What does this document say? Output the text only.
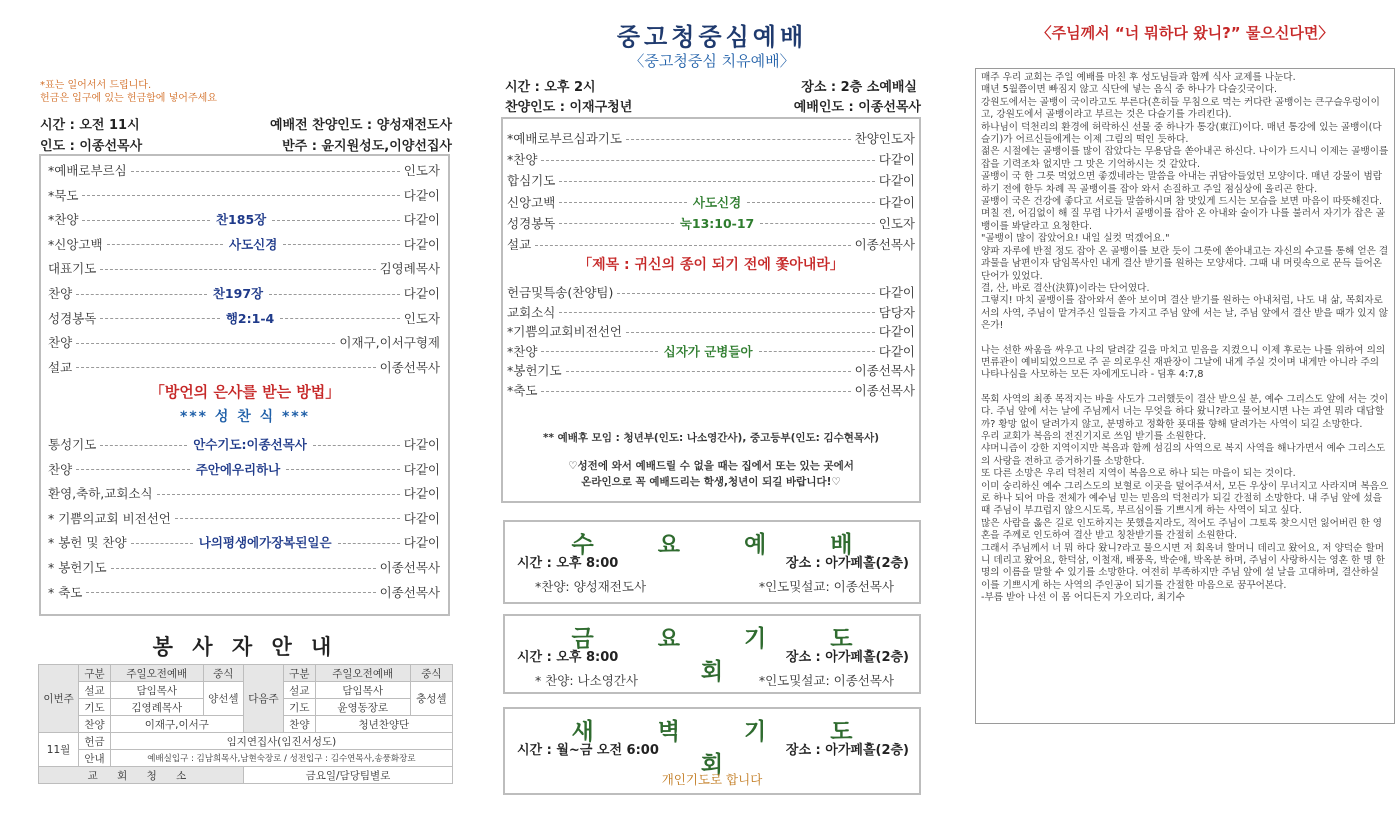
*표는 일어서서 드립니다.
헌금은 입구에 있는 헌금함에 넣어주세요
시간 : 오전 11시	예배전 찬양인도 : 양성재전도사
인도 : 이종선목사	반주 : 윤지원성도,이양선집사
*예배로부르심	인도자
*묵도	다같이
*찬양	찬185장	다같이
*신앙고백	사도신경	다같이
대표기도	김영례목사
찬양	찬197장	다같이
성경봉독	행2:1-4	인도자
찬양	이재구,이서구형제
설교	이종선목사
「방언의 은사를 받는 방법」
*** 성 찬 식 ***
통성기도	안수기도:이종선목사	다같이
찬양	주안에우리하나	다같이
환영,축하,교회소식	다같이
* 기쁨의교회 비전선언	다같이
* 봉헌 및 찬양	나의평생에가장복된일은	다같이
* 봉헌기도	이종선목사
* 축도	이종선목사
봉 사 자 안 내
이번주	구분	주일오전예배	중식	다음주	구분	주일오전예배	중식
	설교	담임목사	양선셀		설교	담임목사	충성셀
	기도	김영례목사			기도	윤영동장로	
	찬양	이재구,이서구			찬양	청년찬양단	
11월	헌금	임지연집사(임진서성도)					
	안내	예배실입구 : 김남희목사,남현숙장로 / 성전입구 : 김수연목사,송풍화장로					
교 회 청 소				금요일/담당팀별로			
중고청중심예배
〈중고청중심 치유예배〉
시간 : 오후 2시	장소 : 2층 소예배실
찬양인도 : 이재구청년	예배인도 : 이종선목사
*예배로부르심과기도	찬양인도자
*찬양	다같이
합심기도	다같이
신앙고백	사도신경	다같이
성경봉독	눅13:10-17	인도자
설교	이종선목사
「제목 : 귀신의 종이 되기 전에 쫓아내라」
헌금및특송(찬양팀)	다같이
교회소식	담당자
*기쁨의교회비전선언	다같이
*찬양	십자가 군병들아	다같이
*봉헌기도	이종선목사
*축도	이종선목사
** 예배후 모임 : 청년부(인도: 나소영간사), 중고등부(인도: 김수현목사)
♡성전에 와서 예배드릴 수 없을 때는 집에서 또는 있는 곳에서
온라인으로 꼭 예배드리는 학생,청년이 되길 바랍니다!♡
수 요 예 배
시간 : 오후 8:00	장소 : 아가페홀(2층)
*찬양: 양성재전도사	*인도및설교: 이종선목사
금 요 기 도 회
시간 : 오후 8:00	장소 : 아가페홀(2층)
* 찬양: 나소영간사	*인도및설교: 이종선목사
새 벽 기 도 회
시간 : 월~금 오전 6:00	장소 : 아가페홀(2층)
개인기도로 합니다
〈주님께서 “너 뭐하다 왔니?” 물으신다면〉

매주 우리 교회는 주일 예배를 마친 후 성도님들과 함께 식사 교제를 나눈다.

매년 5월쯤이면 빠짐지 않고 식단에 넣는 음식 중 하나가 다슬깃국이다.

강원도에서는 골뱅이 국이라고도 부른다(흔히들 무침으로 먹는 커다란 골뱅이는 큰구슬우렁이이고, 강원도에서 골뱅이라고 부르는 것은 다슬기를 가리킨다).

하나님이 덕천리의 환경에 허락하신 선물 중 하나가 통강(東江)이다. 매년 통강에 있는 골뱅이(다슬기)가 어르신들에게는 이제 그림의 떡인 듯하다.

젊은 시절에는 골뱅이를 많이 잡았다는 무용담을 쏟아내곤 하신다. 나이가 드시니 이제는 골뱅이를 잡을 기력조차 없지만 그 맛은 기억하시는 것 같았다.

골뱅이 국 한 그릇 먹었으면 좋겠네라는 말씀을 아내는 귀담아들었던 모양이다. 매년 강물이 범람하기 전에 한두 차례 꼭 골뱅이를 잡아 와서 손질하고 주일 점심상에 올리곤 한다.

골뱅이 국은 건강에 좋다고 서로들 말씀하시며 참 맛있게 드시는 모습을 보면 마음이 따뜻해진다. 며칠 전, 어김없이 해 질 무렵 나가서 골뱅이를 잡아 온 아내와 술이가 나를 불러서 자기가 잡은 골뱅이를 봐달라고 요청한다.

"골뱅이 많이 잡았어요! 내일 실컷 먹겠어요."

양파 자루에 반절 정도 잡아 온 골뱅이를 보란 듯이 그릇에 쏟아내고는 자신의 수고를 통해 얻은 결과물을 남편이자 담임목사인 내게 결산 받기를 원하는 모양새다. 그때 내 머릿속으로 문득 들어온 단어가 있었다.

결, 산, 바로 결산(決算)이라는 단어였다.

그렇지! 마치 골뱅이를 잡아와서 쏟아 보이며 결산 받기를 원하는 아내처럼, 나도 내 삶, 목회자로서의 사역, 주님이 맡겨주신 일들을 가지고 주님 앞에 서는 날, 주님 앞에서 결산 받을 때가 있지 않은가!

나는 선한 싸움을 싸우고 나의 달려갈 길을 마치고 믿음을 지켰으니 이제 후로는 나를 위하여 의의 면류관이 예비되었으므로 주 곧 의로우신 재판장이 그날에 내게 주실 것이며 내게만 아니라 주의 나타나심을 사모하는 모든 자에게도니라 - 딤후 4:7,8

목회 사역의 최종 목적지는 바울 사도가 그러했듯이 결산 받으실 분, 예수 그리스도 앞에 서는 것이다. 주님 앞에 서는 날에 주님께서 너는 무엇을 하다 왔니?라고 물어보시면 나는 과연 뭐라 대답할까? 황망 없이 달려가지 않고, 분명하고 정확한 푯대를 향해 달려가는 사역이 되길 소망한다.

우리 교회가 복음의 전진기지로 쓰임 받기를 소원한다.

샤머니즘이 강한 지역이지만 복음과 함께 섬김의 사역으로 복지 사역을 해나가면서 예수 그리스도의 사랑을 전하고 증거하기를 소망한다.

또 다른 소망은 우리 덕천리 지역이 복음으로 하나 되는 마을이 되는 것이다.

이미 숭리하신 예수 그리스도의 보혈로 이곳을 덮어주셔서, 모든 우상이 무너지고 사라지며 복음으로 하나 되어 마을 전체가 예수님 믿는 믿음의 덕천리가 되길 간절히 소망한다. 내 주님 앞에 섰을 때 주님이 부끄럽지 않으시도록, 부르심이를 기쁘시게 하는 사역이 되고 싶다.

많은 사람을 옳은 길로 인도하지는 못했을지라도, 적어도 주님이 그토록 찾으시던 잃어버린 한 영혼을 주께로 인도하여 결산 받고 칭찬받기를 간절히 소원한다.

그래서 주님께서 너 뭐 하다 왔니?라고 물으시면 저 회옥녀 할머니 데리고 왔어요, 저 양덕순 할머니 데리고 왔어요, 한덕삼, 이철재, 배풍옥, 박순애, 박옥분 하며, 주님이 사랑하시는 영혼 한 명 한 명의 이름을 말할 수 있기를 소망한다. 여전히 부족하지만 주님 앞에 설 날을 고대하며, 결산하실 이를 기쁘시게 하는 사역의 주인공이 되기를 간절한 마음으로 꿈꾸어본다.

-부름 받아 나선 이 몸 어디든지 가오리다, 최기수
